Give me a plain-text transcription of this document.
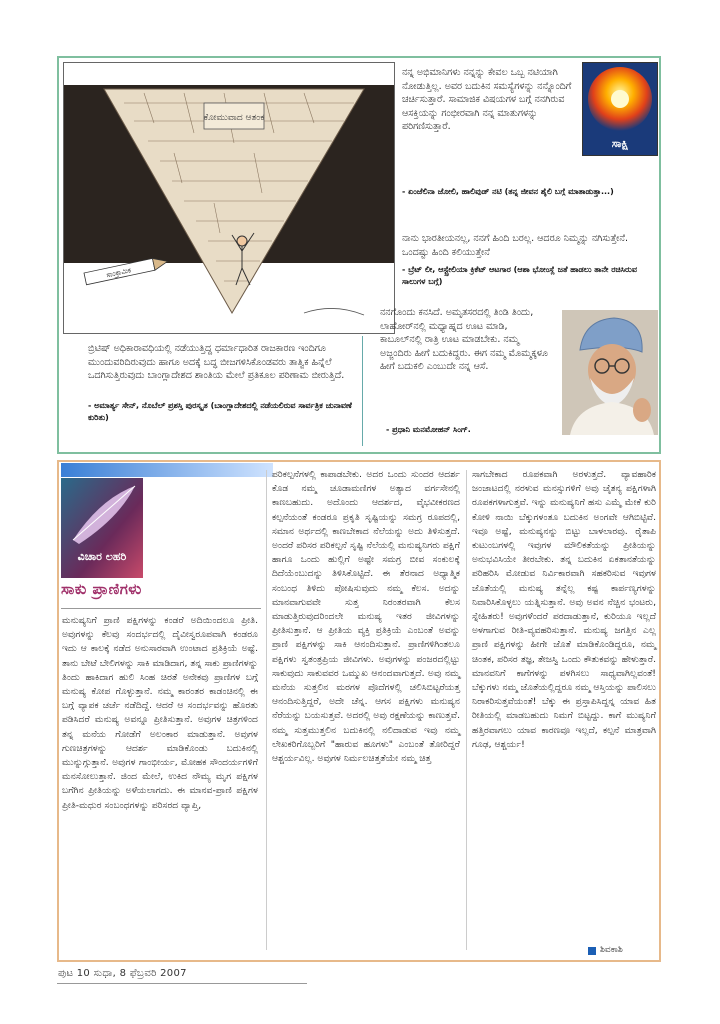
ಕೋಮುವಾದ ಆತಂಕ
ಸಾಂಕ್ರಾಮಿಕ
ನನ್ನ ಅಭಿಮಾನಿಗಳು ನನ್ನನ್ನು ಕೇವಲ ಒಬ್ಬ ನಟಿಯಾಗಿ ನೋಡುತ್ತಿಲ್ಲ. ಅವರ ಬದುಕಿನ ಸಮಸ್ಯೆಗಳನ್ನು ನನ್ನೊಂದಿಗೆ ಚರ್ಚಿಸುತ್ತಾರೆ. ಸಾಮಾಜಿಕ ವಿಷಯಗಳ ಬಗ್ಗೆ ನನಗಿರುವ ಆಸಕ್ತಿಯನ್ನು ಗಂಭೀರವಾಗಿ ನನ್ನ ಮಾತುಗಳನ್ನು ಪರಿಗಣಿಸುತ್ತಾರೆ.
- ಏಂಜೆಲಿನಾ ಜೋಲಿ, ಹಾಲಿವುಡ್ ನಟಿ (ತನ್ನ ಜೀವನ ಶೈಲಿ ಬಗ್ಗೆ ಮಾತಾಡುತ್ತಾ...)
ಸಾಕ್ಷಿ
ನಾನು ಭಾರತೀಯನಲ್ಲ, ನನಗೆ ಹಿಂದಿ ಬರಲ್ಲ. ಆದರೂ ನಿಮ್ಮನ್ನು ನಗಿಸುತ್ತೇನೆ. ಒಂದಷ್ಟು ಹಿಂದಿ ಕಲಿಯುತ್ತೇನೆ
- ಬ್ರೆಟ್ ಲೀ, ಆಸ್ಟ್ರೇಲಿಯಾ ಕ್ರಿಕೆಟ್ ಆಟಗಾರ (ಆಶಾ ಭೋಂಸ್ಲೆ ಜತೆ ಹಾಡಲು ತಾನೇ ರಚಿಸಿರುವ ಸಾಲುಗಳ ಬಗ್ಗೆ)
ಬ್ರಿಟಿಷ್ ಅಧಿಕಾರಾವಧಿಯಲ್ಲಿ ನಡೆಯುತ್ತಿದ್ದ ಧರ್ಮಾಧಾರಿತ ರಾಜಕಾರಣ ಇಂದಿಗೂ ಮುಂದುವರಿದಿರುವುದು ಹಾಗೂ ಅದಕ್ಕೆ ಬದ್ಧ ಬೀಜಗಳಿಸಿಕೊಂಡವರು ತಾತ್ವಿಕ ಹಿನ್ನೆಲೆ ಒದಗಿಸುತ್ತಿರುವುದು ಬಾಂಗ್ಲಾದೇಶದ ಶಾಂತಿಯ ಮೇಲೆ ಪ್ರತಿಕೂಲ ಪರಿಣಾಮ ಬೀರುತ್ತಿದೆ.
- ಅಮಾರ್ತ್ಯ ಸೇನ್, ನೊಬೆಲ್ ಪ್ರಶಸ್ತಿ ಪುರಸ್ಕೃತ (ಬಾಂಗ್ಲಾದೇಶದಲ್ಲಿ ನಡೆಯಲಿರುವ ಸಾರ್ವತ್ರಿಕ ಚುನಾವಣೆ ಕುರಿತು)
ನನಗೊಂದು ಕನಸಿದೆ. ಅಮೃತಸರದಲ್ಲಿ ತಿಂಡಿ ತಿಂದು, ಲಾಹೋರ್‌ನಲ್ಲಿ ಮಧ್ಯಾಹ್ನದ ಊಟ ಮಾಡಿ, ಕಾಬೂಲ್‌ನಲ್ಲಿ ರಾತ್ರಿ ಊಟ ಮಾಡಬೇಕು. ನಮ್ಮ ಅಜ್ಜಂದಿರು ಹೀಗೆ ಬದುಕಿದ್ದರು. ಈಗ ನಮ್ಮ ಮೊಮ್ಮಕ್ಕಳೂ ಹೀಗೆ ಬದುಕಲಿ ಎಂಬುದೇ ನನ್ನ ಆಸೆ.
- ಪ್ರಧಾನಿ ಮನಮೋಹನ್ ಸಿಂಗ್.
ವಿಚಾರ ಲಹರಿ
ಸಾಕು ಪ್ರಾಣಿಗಳು
ಮನುಷ್ಯನಿಗೆ ಪ್ರಾಣಿ ಪಕ್ಷಿಗಳನ್ನು ಕಂಡರೆ ಅದಿಯಿಂದಲೂ ಪ್ರೀತಿ. ಅವುಗಳನ್ನು ಕೆಲವು ಸಂದರ್ಭದಲ್ಲಿ ದೈವೀಸ್ವರೂಪವಾಗಿ ಕಂಡರೂ ಇದು ಆ ಕಾಲಕ್ಕೆ ನಡೆದ ಅನುಸಾರವಾಗಿ ಉಂಟಾದ ಪ್ರತಿಕ್ರಿಯೆ ಅಷ್ಟೆ. ತಾನು ಬೇಟೆ ಬೇಲಿಗಳನ್ನು ಸಾಕಿ ಮಾಡಿದಾಗ, ತನ್ನ ಸಾಕು ಪ್ರಾಣಿಗಳನ್ನು ತಿಂದು ಹಾಕಿದಾಗ ಹುಲಿ ಸಿಂಹ ಚಿರತೆ ಅನೇಕವು ಪ್ರಾಣಿಗಳ ಬಗ್ಗೆ ಮನುಷ್ಯ ಕೋಪ ಗೊಳ್ಳುತ್ತಾನೆ. ನಮ್ಮ ಕಾರಂತರ ಕಾಡಂಚಿನಲ್ಲಿ ಈ ಬಗ್ಗೆ ವ್ಯಾಪಕ ಚರ್ಚೆ ನಡೆದಿದ್ದೆ. ಆದರೆ ಆ ಸಂದರ್ಭವನ್ನು ಹೊರತು ಪಡಿಸಿದರೆ ಮನುಷ್ಯ ಅವನ್ನೂ ಪ್ರೀತಿಸುತ್ತಾನೆ. ಅವುಗಳ ಚಿತ್ರಗಳಿಂದ ತನ್ನ ಮನೆಯ ಗೋಡೆಗೆ ಅಲಂಕಾರ ಮಾಡುತ್ತಾನೆ. ಅವುಗಳ ಗುಣಚಿತ್ರಗಳನ್ನು ಆದರ್ಶ ಮಾಡಿಕೊಂಡು ಬದುಕಿನಲ್ಲಿ ಮುನ್ನುಗ್ಗುತ್ತಾನೆ. ಅವುಗಳ ಗಾಂಭೀರ್ಯ, ಮೋಹಕ ಸೌಂದರ್ಯಗಳಿಗೆ ಮನಸೋಲುತ್ತಾನೆ. ಜಿಂದ ಮೇಲೆ, ಉಕಿದ ನೌಮ್ಯ ಮೃಗ ಪಕ್ಷಿಗಳ ಬಗೆಗಿನ ಪ್ರೀತಿಯನ್ನು ಅಳೆಯಲಾಗದು. ಈ ಮಾನವ-ಪ್ರಾಣಿ ಪಕ್ಷಿಗಳ ಪ್ರೀತಿ-ಮಧುರ ಸಂಬಂಧಗಳನ್ನು ಪರಿಸರದ ವ್ಯಾಪ್ತಿ,
ಪರಿಕಲ್ಪನೆಗಳಲ್ಲಿ ಕಾಪಾಡಬೇಕು. ಅದರ ಒಂದು ಸುಂದರ ಆದರ್ಶ ಕೊಡ ನಮ್ಮ ಚೂಡಾಮಣಿಗಳ ಅತ್ಯಾದ ವರ್ಗಸೇನಲ್ಲಿ ಕಾಣಬಹುದು. ಅದೊಂದು ಆದರ್ಶದ, ವೈಭವೀಕರಣದ ಕಲ್ಪನೆಯಂತೆ ಕಂಡರೂ ಪ್ರಕೃತಿ ಸೃಷ್ಟಿಯನ್ನು ಸಮಗ್ರ ರೂಪದಲ್ಲಿ, ಸಮಾನ ಅರ್ಥದಲ್ಲಿ ಕಾಣಬೇಕಾದ ನೆಲೆಯನ್ನು ಅದು ತಿಳಿಸುತ್ತದೆ. ಅಂದರೆ ಪರಿಸರ ಪರಿಕಲ್ಪನೆ ಸೃಷ್ಟಿ ನೆಲೆಯಲ್ಲಿ ಮನುಷ್ಯನಿಗರು ಪಕ್ಷಿಗೆ ಹಾಗೂ ಒಂದು ಹುಲ್ಲಿಗೆ ಅಷ್ಟೇ ಸಮಗ್ರ ಬೀವ ಸಂಕುಲಕ್ಕೆ ದಿದೆಯೆಂಬುದನ್ನು ತಿಳಿಸಿಕೊಟ್ಟಿದೆ. ಈ ತೆರನಾದ ಅಧ್ಯಾತ್ಮಿಕ ಸಂಬಂಧ ತಿಳಿದು ಪೋಷಿಸುವುದು ನಮ್ಮ ಕೆಲಸ. ಅದನ್ನು ಮಾನವಾಗುವವೇ ಸುತ್ತ ನಿರಂತರವಾಗಿ ಕೆಲಸ ಮಾಡುತ್ತಿರುವುದರಿಂದಲೇ ಮನುಷ್ಯ ಇತರ ಜೀವಿಗಳನ್ನು ಪ್ರೀತಿಸುತ್ತಾನೆ. ಆ ಪ್ರೀತಿಯ ವ್ಯಕ್ತಿ ಪ್ರತಿಕ್ರಿಯೆ ಎಂಬಂತೆ ಅವನ್ನು ಪ್ರಾಣಿ ಪಕ್ಷಿಗಳನ್ನು ಸಾಕಿ ಆನಂದಿಸುತ್ತಾನೆ. ಪ್ರಾಣಿಗಳಿಗಿಂತಲೂ ಪಕ್ಷಿಗಳು ಸ್ವತಂತ್ರಪ್ರಿಯ ಜೀವಿಗಳು. ಅವುಗಳನ್ನು ಪಂಜರದಲ್ಲಿಟ್ಟು ಸಾಕುವುದು ಸಾಕುವವರ ಒಮ್ಮುಖ ಆನಂದವಾಗುತ್ತದೆ. ಅವು ನಮ್ಮ ಮನೆಯ ಸುತ್ತಲಿನ ಮರಗಳ ಪೊದೆಗಳಲ್ಲಿ ಚಲಿಸಿಬಿಟ್ಟರೆಯತ್ತ ಆನಂದಿಸುತ್ತಿದ್ದರೆ, ಅದೇ ಚೆನ್ನ. ಆಗಸ ಪಕ್ಷಿಗಳು ಮನುಷ್ಯನ ನೆರೆಯನ್ನು ಬಯಸುತ್ತವೆ. ಅದರಲ್ಲಿ ಅವು ರಕ್ಷಣೆಯನ್ನು ಕಾಣುತ್ತವೆ. ನಮ್ಮ ಸುತ್ತಮುತ್ತಲಿನ ಬದುಕಿನಲ್ಲಿ ನಲಿದಾಡುವ ಇವು ನಮ್ಮ ಲೇಖಕರಿಗೊಬ್ಬರಿಗೆ "ಹಾರುವ ಹೂಗಳು" ಎಂಬಂತೆ ತೋರಿದ್ದರೆ ಆಶ್ಚರ್ಯವಿಲ್ಲ. ಅವುಗಳ ನಿರ್ಮಲಚಿತ್ತತೆಯೇ ನಮ್ಮ ಚಿತ್ತ
ಸಾಗಬೇಕಾದ ರೂಪಕವಾಗಿ ಅರಳುತ್ತದೆ. ವ್ಯಾವಹಾರಿಕ ಜಂಜಾಟದಲ್ಲಿ ನರಳುವ ಮನಸ್ಸುಗಳಿಗೆ ಅವು ಚೈತನ್ಯ ಪಕ್ಷಿಗಳಾಗಿ ರೂಪಕಗಳಾಗುತ್ತವೆ. ಇನ್ನು ಮನುಷ್ಯನಿಗೆ ಹಸು ಎಮ್ಮೆ ಮೇಕೆ ಕುರಿ ಕೋಳಿ ನಾಯಿ ಬೆಕ್ಕುಗಳಂತೂ ಬದುಕಿನ ಅಂಗವೇ ಆಗಿಬಿಟ್ಟಿವೆ. ಇವೂ ಅಷ್ಟೆ, ಮನುಷ್ಯನನ್ನು ಬಿಟ್ಟು ಬಾಳಲಾರವು. ರೈತಾಪಿ ಕುಟುಂಬಗಳಲ್ಲಿ ಇವುಗಳ ಮೌಲಿಕತೆಯನ್ನು ಪ್ರೀತಿಯನ್ನು ಅನುಭವಿಸಿಯೇ ತೀರಬೇಕು. ತನ್ನ ಬದುಕಿನ ಏಕತಾನತೆಯನ್ನು ಪರಿಹರಿಸಿ ಮೋಡುವ ನಿರ್ವಿಕಾರವಾಗಿ ಸಹಕರಿಸುವ ಇವುಗಳ ಜೊತೆಯಲ್ಲಿ ಮನುಷ್ಯ ತನ್ನೆಲ್ಲ ಕಷ್ಟ ಕಾರ್ಪಣ್ಯಗಳನ್ನು ನಿವಾರಿಸಿಕೊಳ್ಳಲು ಯತ್ನಿಸುತ್ತಾನೆ. ಅವು ಅವನ ನೆಚ್ಚಿನ ಭಂಟರು, ಸ್ನೇಹಿತರು! ಅವುಗಳೆಂದರೆ ಪರದಾಡುತ್ತಾನೆ, ಕುರಿಯೂ ಇಲ್ಲದೆ ಅಳಗಾಗುವ ರೀತಿ-ವ್ಯವಹರಿಸುತ್ತಾನೆ. ಮನುಷ್ಯ ಜಗತ್ತಿನ ಎಲ್ಲ ಪ್ರಾಣಿ ಪಕ್ಷಿಗಳನ್ನು ಹೀಗೇ ಜೊತೆ ಮಾಡಿಕೊಂಡಿದ್ದರೂ, ನಮ್ಮ ಚಿಂತಕ, ಪರಿಸರ ತಜ್ಞ, ತೇಜಸ್ವಿ ಒಂದು ಕೌತುಕವನ್ನು ಹೇಳುತ್ತಾರೆ. ಮಾನವನಿಗೆ ಕಾಗೆಗಳನ್ನು ಪಳಗಿಸಲು ಸಾಧ್ಯವಾಗಿಲ್ಲವಂತೆ! ಬೆಕ್ಕುಗಳು ನಮ್ಮ ಜೊತೆಯಲ್ಲಿದ್ದರೂ ನಮ್ಮ ಆಸ್ತಿಯನ್ನು ಪಾಲಿಸಲು ನಿರಾಕರಿಸುತ್ತವೆಯಂತೆ! ಬೆಕ್ಕು ಈ ಪ್ರಸ್ತಾಪಿಸಿದ್ದನ್ನ ಯಾವ ಹಿತ ರೀತಿಯಲ್ಲಿ ಮಾಡಬಹುದು ನಿಮಗೆ ಬಿಟ್ಟದ್ದು. ಕಾಗೆ ಮುಷ್ಯನಿಗೆ ಹತ್ತಿರವಾಗಲು ಯಾವ ಕಾರಣವೂ ಇಲ್ಲದೆ, ಕಲ್ಪನೆ ಮಾತ್ರವಾಗಿ ಗೂಢ, ಆಶ್ಚರ್ಯ!
ಶಿವಕಾಶಿ
ಪುಟ 10 ಸುಧಾ, 8 ಫೆಬ್ರವರಿ 2007
